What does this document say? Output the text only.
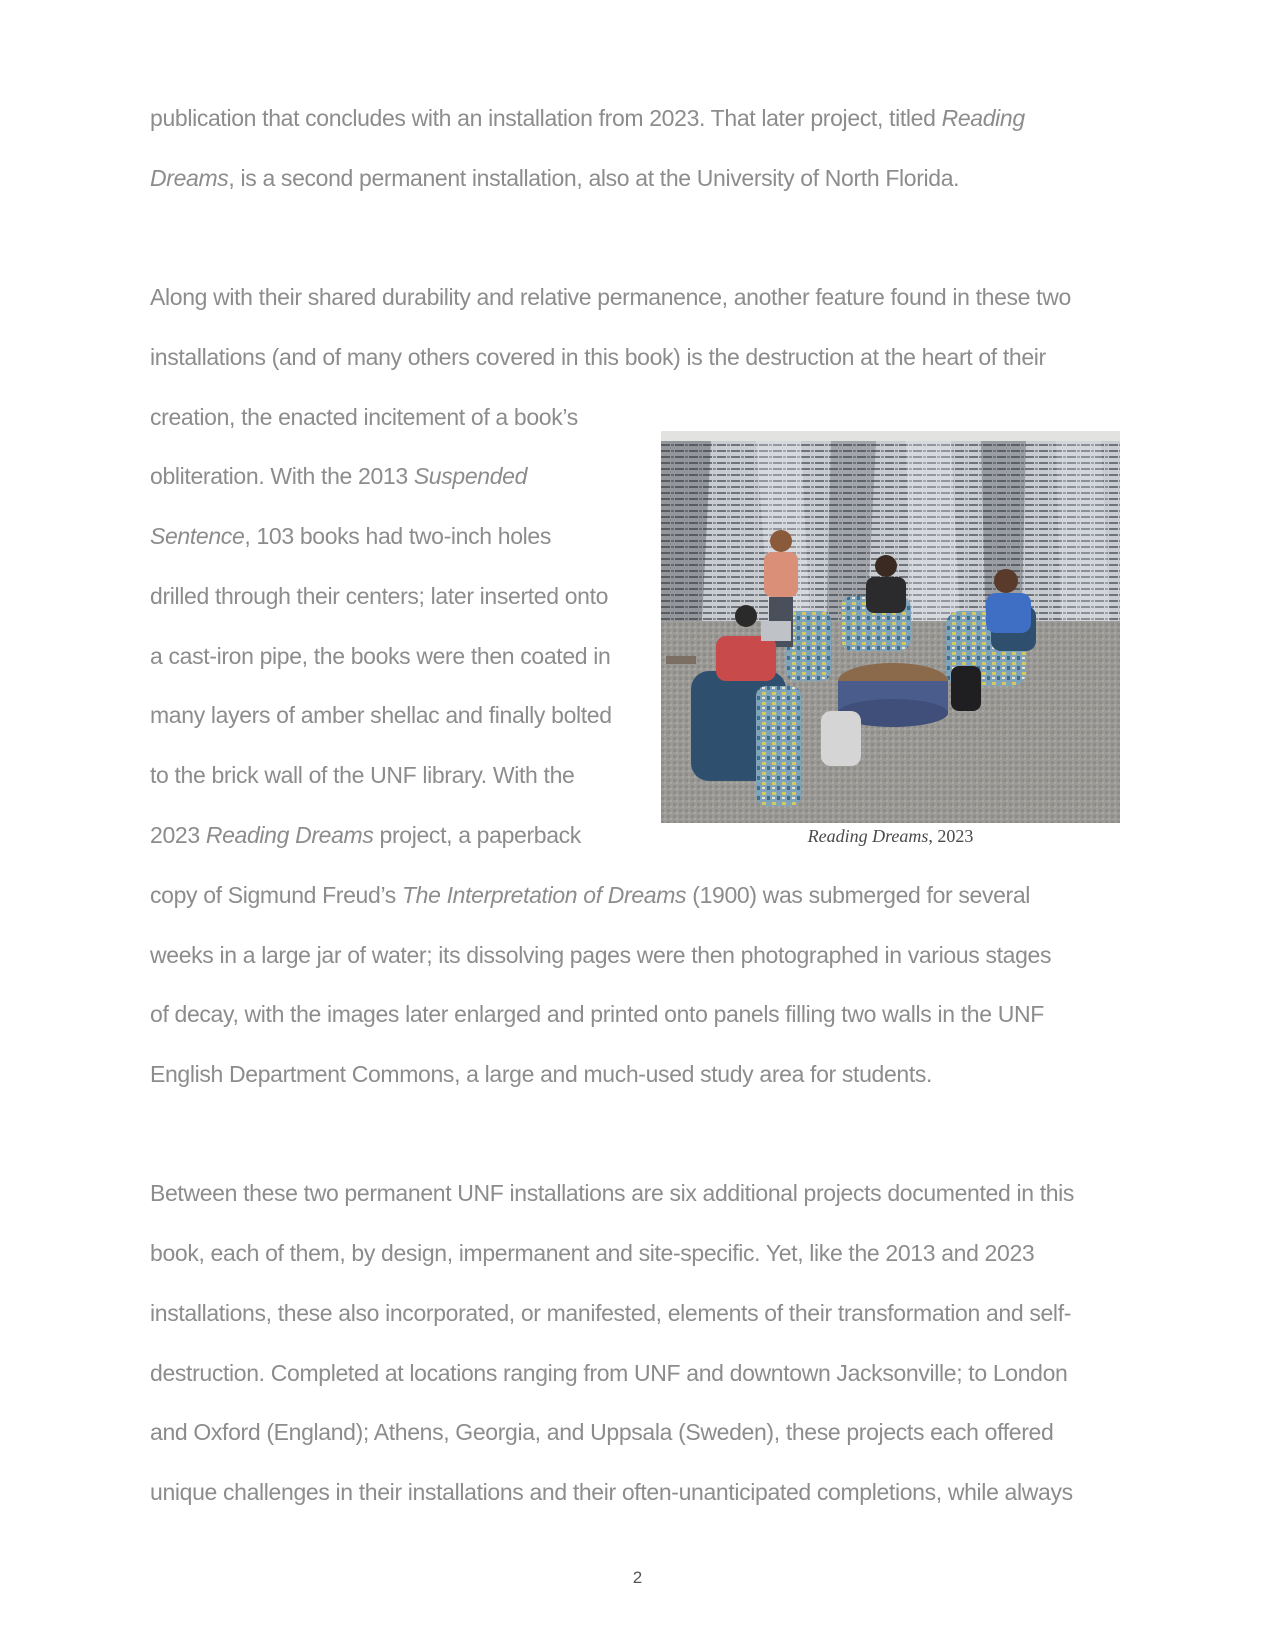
publication that concludes with an installation from 2023. That later project, titled Reading
Dreams, is a second permanent installation, also at the University of North Florida.
Along with their shared durability and relative permanence, another feature found in these two
installations (and of many others covered in this book) is the destruction at the heart of their
creation, the enacted incitement of a book’s
obliteration. With the 2013 Suspended
Sentence, 103 books had two-inch holes
drilled through their centers; later inserted onto
a cast-iron pipe, the books were then coated in
many layers of amber shellac and finally bolted
to the brick wall of the UNF library. With the
2023 Reading Dreams project, a paperback
copy of Sigmund Freud’s The Interpretation of Dreams (1900) was submerged for several
weeks in a large jar of water; its dissolving pages were then photographed in various stages
of decay, with the images later enlarged and printed onto panels filling two walls in the UNF
English Department Commons, a large and much-used study area for students.
Between these two permanent UNF installations are six additional projects documented in this
book, each of them, by design, impermanent and site-specific. Yet, like the 2013 and 2023
installations, these also incorporated, or manifested, elements of their transformation and self-
destruction. Completed at locations ranging from UNF and downtown Jacksonville; to London
and Oxford (England); Athens, Georgia, and Uppsala (Sweden), these projects each offered
unique challenges in their installations and their often-unanticipated completions, while always
Reading Dreams, 2023
2
